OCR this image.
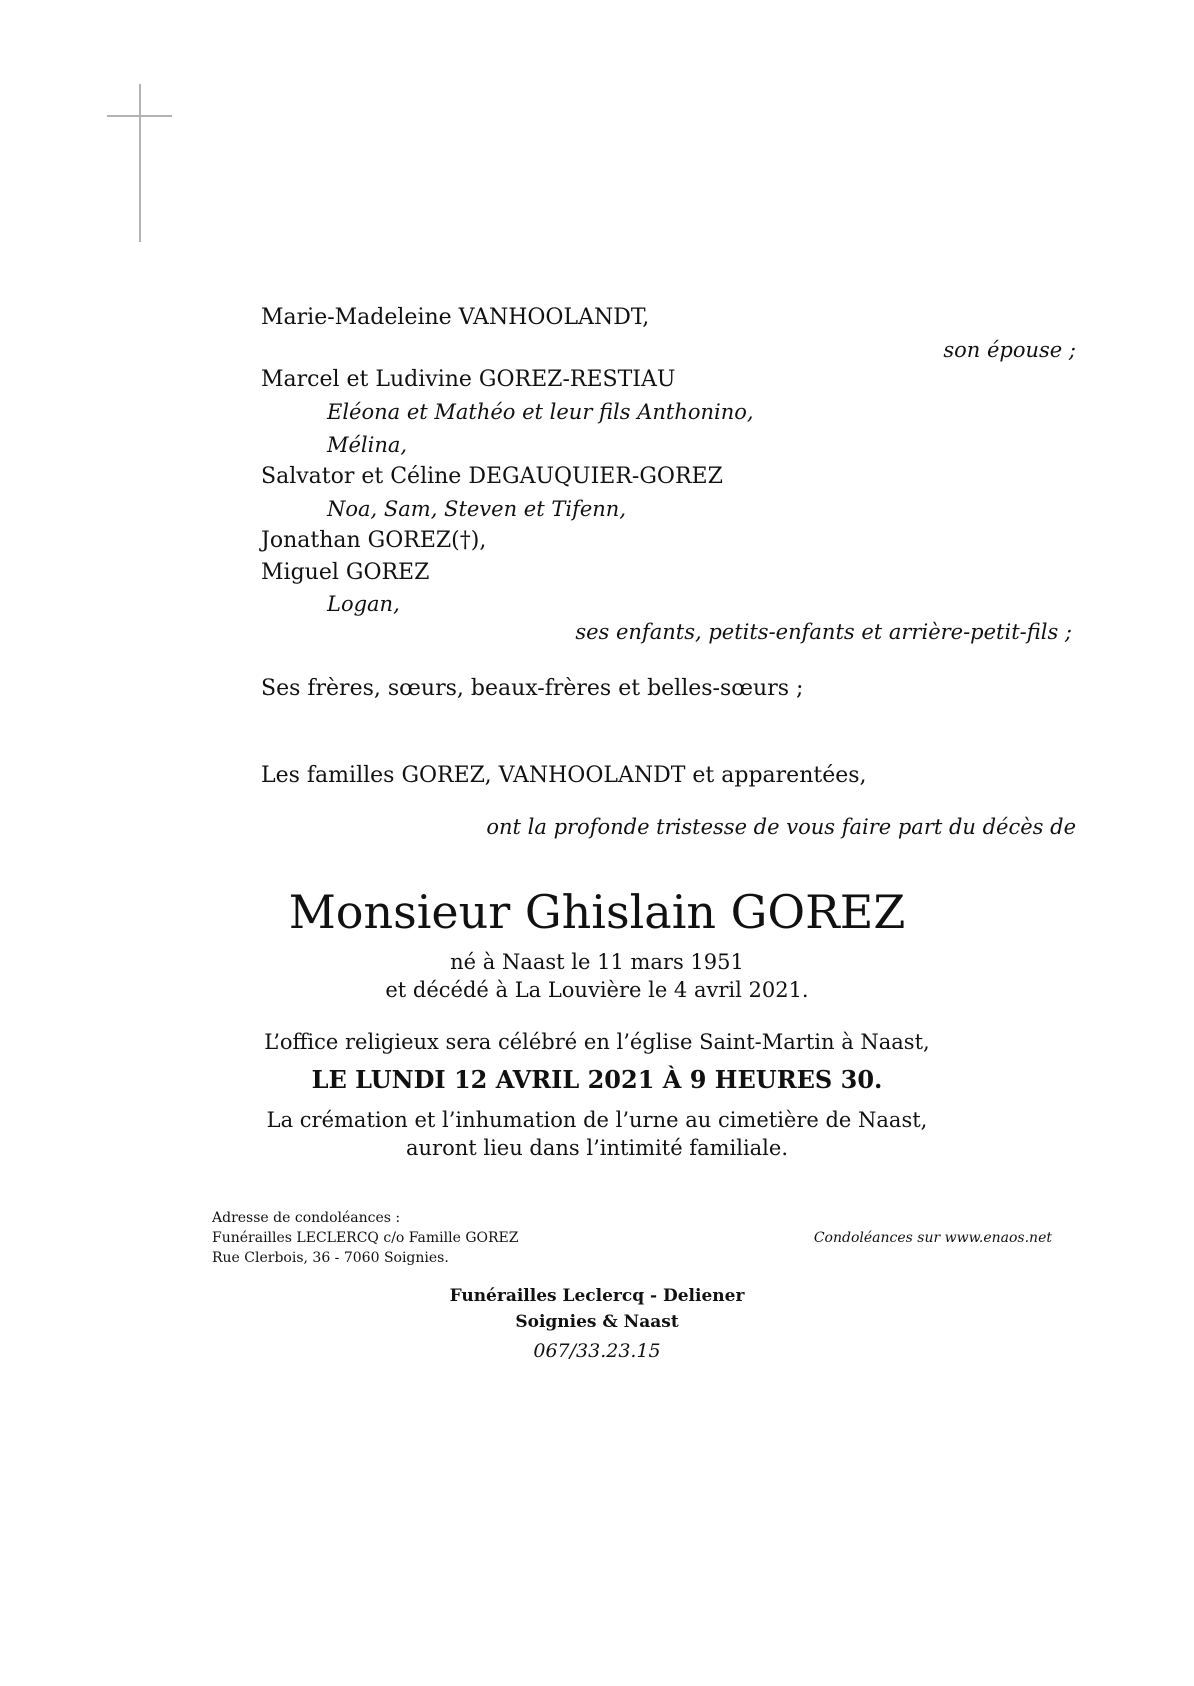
Marie-Madeleine VANHOOLANDT,
son épouse ;
Marcel et Ludivine GOREZ-RESTIAU
Eléona et Mathéo et leur fils Anthonino,
Mélina,
Salvator et Céline DEGAUQUIER-GOREZ
Noa, Sam, Steven et Tifenn,
Jonathan GOREZ(†),
Miguel GOREZ
Logan,
ses enfants, petits-enfants et arrière-petit-fils ;
Ses frères, sœurs, beaux-frères et belles-sœurs ;
Les familles GOREZ, VANHOOLANDT et apparentées,
ont la profonde tristesse de vous faire part du décès de
Monsieur Ghislain GOREZ
né à Naast le 11 mars 1951
et décédé à La Louvière le 4 avril 2021.
L’office religieux sera célébré en l’église Saint-Martin à Naast,
LE LUNDI 12 AVRIL 2021 À 9 HEURES 30.
La crémation et l’inhumation de l’urne au cimetière de Naast,
auront lieu dans l’intimité familiale.
Adresse de condoléances :
Funérailles LECLERCQ c/o Famille GOREZ
Rue Clerbois, 36 - 7060 Soignies.
Condoléances sur www.enaos.net
Funérailles Leclercq - Deliener
Soignies & Naast
067/33.23.15
